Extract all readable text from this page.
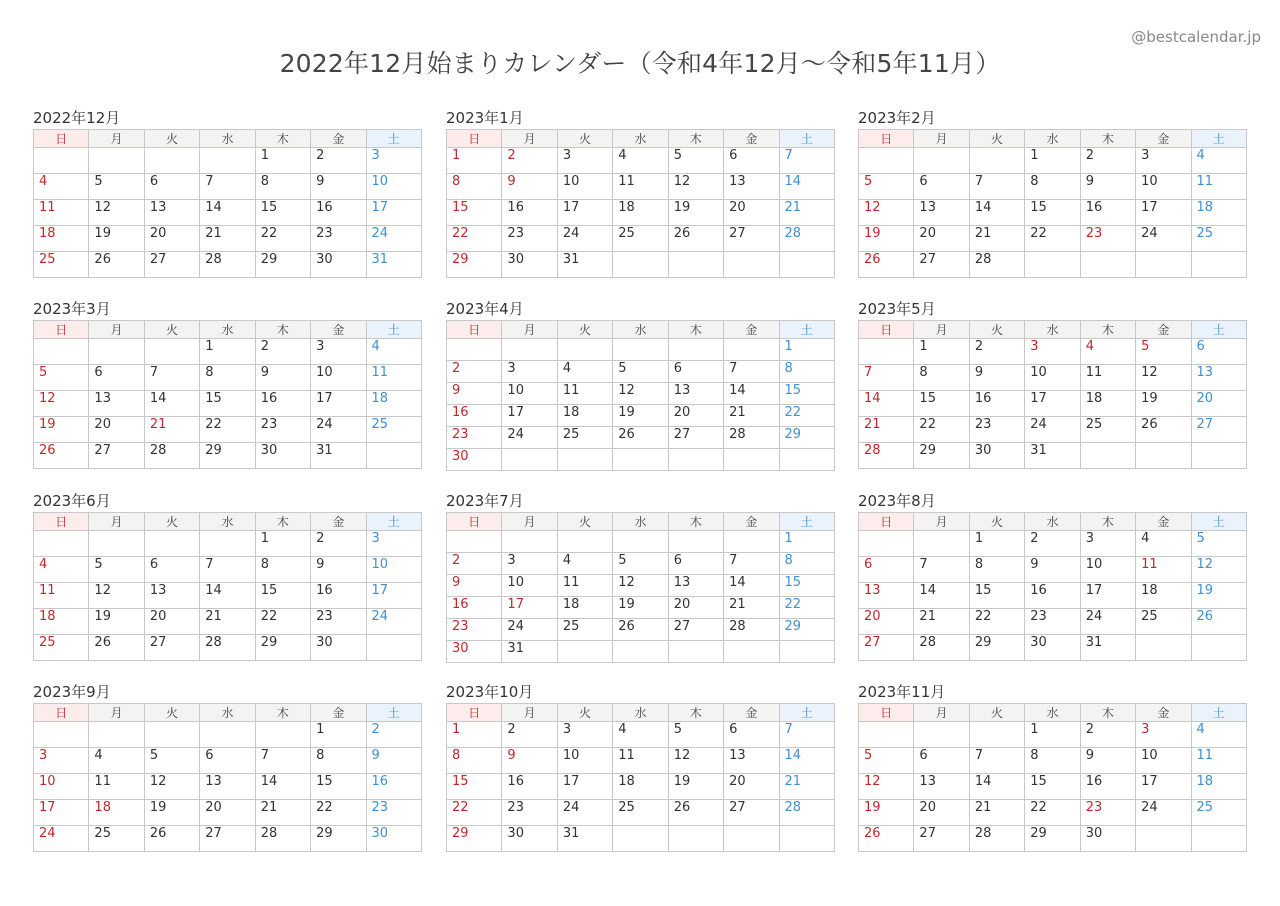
@bestcalendar.jp
2022年12月始まりカレンダー（令和4年12月〜令和5年11月）
2022年12月
日	月	火	水	木	金	土
				1	2	3
4	5	6	7	8	9	10
11	12	13	14	15	16	17
18	19	20	21	22	23	24
25	26	27	28	29	30	31
2023年1月
日	月	火	水	木	金	土
1	2	3	4	5	6	7
8	9	10	11	12	13	14
15	16	17	18	19	20	21
22	23	24	25	26	27	28
29	30	31				
2023年2月
日	月	火	水	木	金	土
			1	2	3	4
5	6	7	8	9	10	11
12	13	14	15	16	17	18
19	20	21	22	23	24	25
26	27	28				
2023年3月
日	月	火	水	木	金	土
			1	2	3	4
5	6	7	8	9	10	11
12	13	14	15	16	17	18
19	20	21	22	23	24	25
26	27	28	29	30	31	
2023年4月
日	月	火	水	木	金	土
						1
2	3	4	5	6	7	8
9	10	11	12	13	14	15
16	17	18	19	20	21	22
23	24	25	26	27	28	29
30						
2023年5月
日	月	火	水	木	金	土
	1	2	3	4	5	6
7	8	9	10	11	12	13
14	15	16	17	18	19	20
21	22	23	24	25	26	27
28	29	30	31			
2023年6月
日	月	火	水	木	金	土
				1	2	3
4	5	6	7	8	9	10
11	12	13	14	15	16	17
18	19	20	21	22	23	24
25	26	27	28	29	30	
2023年7月
日	月	火	水	木	金	土
						1
2	3	4	5	6	7	8
9	10	11	12	13	14	15
16	17	18	19	20	21	22
23	24	25	26	27	28	29
30	31					
2023年8月
日	月	火	水	木	金	土
		1	2	3	4	5
6	7	8	9	10	11	12
13	14	15	16	17	18	19
20	21	22	23	24	25	26
27	28	29	30	31		
2023年9月
日	月	火	水	木	金	土
					1	2
3	4	5	6	7	8	9
10	11	12	13	14	15	16
17	18	19	20	21	22	23
24	25	26	27	28	29	30
2023年10月
日	月	火	水	木	金	土
1	2	3	4	5	6	7
8	9	10	11	12	13	14
15	16	17	18	19	20	21
22	23	24	25	26	27	28
29	30	31				
2023年11月
日	月	火	水	木	金	土
			1	2	3	4
5	6	7	8	9	10	11
12	13	14	15	16	17	18
19	20	21	22	23	24	25
26	27	28	29	30		
